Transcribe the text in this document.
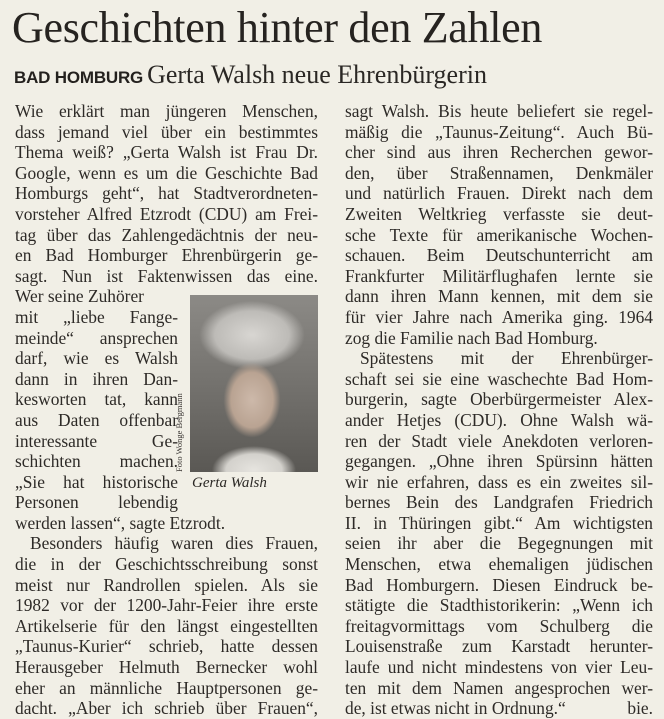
Geschichten hinter den Zahlen
BAD HOMBURG Gerta Walsh neue Ehrenbürgerin
Wie erklärt man jüngeren Menschen,
dass jemand viel über ein bestimmtes
Thema weiß? „Gerta Walsh ist Frau Dr.
Google, wenn es um die Geschichte Bad
Homburgs geht“, hat Stadtverordneten-
vorsteher Alfred Etzrodt (CDU) am Frei-
tag über das Zahlengedächtnis der neu-
en Bad Homburger Ehrenbürgerin ge-
sagt. Nun ist Faktenwissen das eine.
Wer seine Zuhörer
mit „liebe Fange-
meinde“ ansprechen
darf, wie es Walsh
dann in ihren Dan-
kesworten tat, kann
aus Daten offenbar
interessante Ge-
schichten machen.
„Sie hat historische
Personen lebendig
werden lassen“, sagte Etzrodt.
Besonders häufig waren dies Frauen,
die in der Geschichtsschreibung sonst
meist nur Randrollen spielen. Als sie
1982 vor der 1200-Jahr-Feier ihre erste
Artikelserie für den längst eingestellten
„Taunus-Kurier“ schrieb, hatte dessen
Herausgeber Helmuth Bernecker wohl
eher an männliche Hauptpersonen ge-
dacht. „Aber ich schrieb über Frauen“,
Foto Wonge Bergmann
Gerta Walsh
sagt Walsh. Bis heute beliefert sie regel-
mäßig die „Taunus-Zeitung“. Auch Bü-
cher sind aus ihren Recherchen gewor-
den, über Straßennamen, Denkmäler
und natürlich Frauen. Direkt nach dem
Zweiten Weltkrieg verfasste sie deut-
sche Texte für amerikanische Wochen-
schauen. Beim Deutschunterricht am
Frankfurter Militärflughafen lernte sie
dann ihren Mann kennen, mit dem sie
für vier Jahre nach Amerika ging. 1964
zog die Familie nach Bad Homburg.
Spätestens mit der Ehrenbürger-
schaft sei sie eine waschechte Bad Hom-
burgerin, sagte Oberbürgermeister Alex-
ander Hetjes (CDU). Ohne Walsh wä-
ren der Stadt viele Anekdoten verloren-
gegangen. „Ohne ihren Spürsinn hätten
wir nie erfahren, dass es ein zweites sil-
bernes Bein des Landgrafen Friedrich
II. in Thüringen gibt.“ Am wichtigsten
seien ihr aber die Begegnungen mit
Menschen, etwa ehemaligen jüdischen
Bad Homburgern. Diesen Eindruck be-
stätigte die Stadthistorikerin: „Wenn ich
freitagvormittags vom Schulberg die
Louisenstraße zum Karstadt herunter-
laufe und nicht mindestens von vier Leu-
ten mit dem Namen angesprochen wer-
de, ist etwas nicht in Ordnung.“	bie.
